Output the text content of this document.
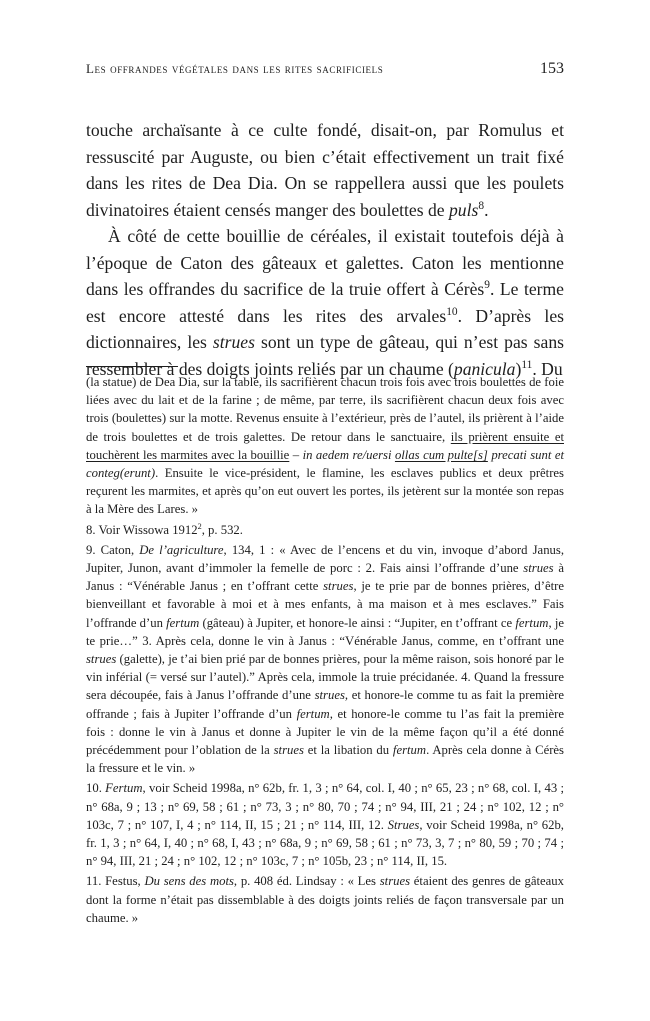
Les offrandes végétales dans les rites sacrificiels	153

touche archaïsante à ce culte fondé, disait-on, par Romulus et ressuscité par Auguste, ou bien c’était effectivement un trait fixé dans les rites de Dea Dia. On se rappellera aussi que les poulets divinatoires étaient censés manger des boulettes de puls$^8$.

À côté de cette bouillie de céréales, il existait toutefois déjà à l’époque de Caton des gâteaux et galettes. Caton les mentionne dans les offrandes du sacrifice de la truie offert à Cérès$^9$. Le terme est encore attesté dans les rites des arvales$^{10}$. D’après les dictionnaires, les strues sont un type de gâteau, qui n’est pas sans ressembler à des doigts joints reliés par un chaume (panicula)$^{11}$. Du

(la statue) de Dea Dia, sur la table, ils sacrifièrent chacun trois fois avec trois boulettes de foie liées avec du lait et de la farine ; de même, par terre, ils sacrifièrent chacun deux fois avec trois (boulettes) sur la motte. Revenus ensuite à l’extérieur, près de l’autel, ils prièrent à l’aide de trois boulettes et de trois galettes. De retour dans le sanctuaire, ils prièrent ensuite et touchèrent les marmites avec la bouillie – in aedem re/uersi ollas cum pulte[s] precati sunt et conteg(erunt). Ensuite le vice-président, le flamine, les esclaves publics et deux prêtres reçurent les marmites, et après qu’on eut ouvert les portes, ils jetèrent sur la montée son repas à la Mère des Lares. »

8. Voir Wissowa 1912$^2$, p. 532.

9. Caton, De l’agriculture, 134, 1 : « Avec de l’encens et du vin, invoque d’abord Janus, Jupiter, Junon, avant d’immoler la femelle de porc : 2. Fais ainsi l’offrande d’une strues à Janus : “Vénérable Janus ; en t’offrant cette strues, je te prie par de bonnes prières, d’être bienveillant et favorable à moi et à mes enfants, à ma maison et à mes esclaves.” Fais l’offrande d’un fertum (gâteau) à Jupiter, et honore-le ainsi : “Jupiter, en t’offrant ce fertum, je te prie…” 3. Après cela, donne le vin à Janus : “Vénérable Janus, comme, en t’offrant une strues (galette), je t’ai bien prié par de bonnes prières, pour la même raison, sois honoré par le vin inférial (= versé sur l’autel).” Après cela, immole la truie précidanée. 4. Quand la fressure sera découpée, fais à Janus l’offrande d’une strues, et honore-le comme tu as fait la première offrande ; fais à Jupiter l’offrande d’un fertum, et honore-le comme tu l’as fait la première fois : donne le vin à Janus et donne à Jupiter le vin de la même façon qu’il a été donné précédemment pour l’oblation de la strues et la libation du fertum. Après cela donne à Cérès la fressure et le vin. »

10. Fertum, voir Scheid 1998a, n° 62b, fr. 1, 3 ; n° 64, col. I, 40 ; n° 65, 23 ; n° 68, col. I, 43 ; n° 68a, 9 ; 13 ; n° 69, 58 ; 61 ; n° 73, 3 ; n° 80, 70 ; 74 ; n° 94, III, 21 ; 24 ; n° 102, 12 ; n° 103c, 7 ; n° 107, I, 4 ; n° 114, II, 15 ; 21 ; n° 114, III, 12. Strues, voir Scheid 1998a, n° 62b, fr. 1, 3 ; n° 64, I, 40 ; n° 68, I, 43 ; n° 68a, 9 ; n° 69, 58 ; 61 ; n° 73, 3, 7 ; n° 80, 59 ; 70 ; 74 ; n° 94, III, 21 ; 24 ; n° 102, 12 ; n° 103c, 7 ; n° 105b, 23 ; n° 114, II, 15.

11. Festus, Du sens des mots, p. 408 éd. Lindsay : « Les strues étaient des genres de gâteaux dont la forme n’était pas dissemblable à des doigts joints reliés de façon transversale par un chaume. »
